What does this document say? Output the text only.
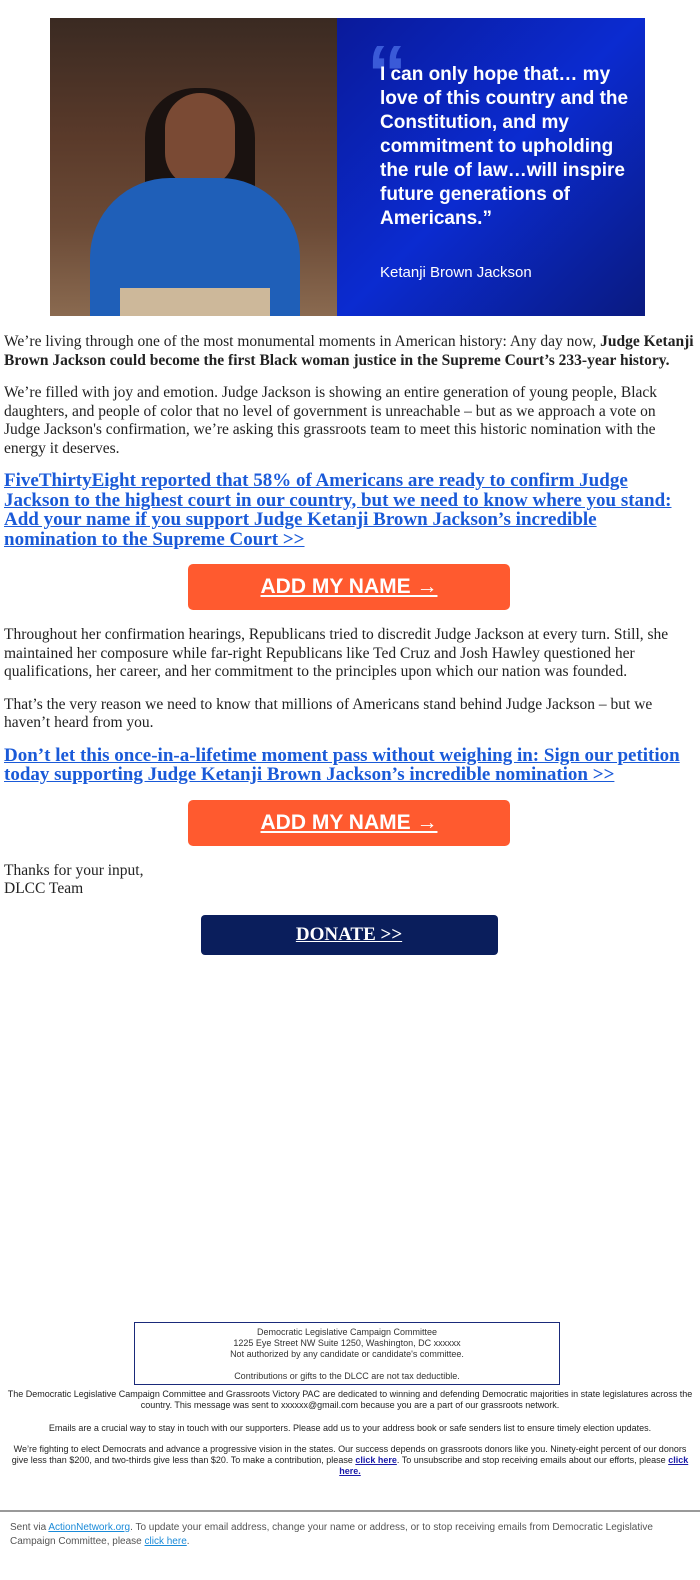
“
I can only hope that… my love of this country and the Constitution, and my commitment to upholding the rule of law…will inspire future generations of Americans.”
Ketanji Brown Jackson

We’re living through one of the most monumental moments in American history: Any day now, Judge Ketanji Brown Jackson could become the first Black woman justice in the Supreme Court’s 233-year history.

We’re filled with joy and emotion. Judge Jackson is showing an entire generation of young people, Black daughters, and people of color that no level of government is unreachable – but as we approach a vote on Judge Jackson's confirmation, we’re asking this grassroots team to meet this historic nomination with the energy it deserves.

FiveThirtyEight reported that 58% of Americans are ready to confirm Judge Jackson to the highest court in our country, but we need to know where you stand: Add your name if you support Judge Ketanji Brown Jackson’s incredible nomination to the Supreme Court >>

ADD MY NAME →

Throughout her confirmation hearings, Republicans tried to discredit Judge Jackson at every turn. Still, she maintained her composure while far-right Republicans like Ted Cruz and Josh Hawley questioned her qualifications, her career, and her commitment to the principles upon which our nation was founded.

That’s the very reason we need to know that millions of Americans stand behind Judge Jackson – but we haven’t heard from you.

Don’t let this once-in-a-lifetime moment pass without weighing in: Sign our petition today supporting Judge Ketanji Brown Jackson’s incredible nomination >>

ADD MY NAME →
Thanks for your input,
DLCC Team
DONATE >>
Democratic Legislative Campaign Committee
1225 Eye Street NW Suite 1250, Washington, DC xxxxxx
Not authorized by any candidate or candidate's committee.
Contributions or gifts to the DLCC are not tax deductible.
The Democratic Legislative Campaign Committee and Grassroots Victory PAC are dedicated to winning and defending Democratic majorities in state legislatures across the country. This message was sent to xxxxxx@gmail.com because you are a part of our grassroots network.
Emails are a crucial way to stay in touch with our supporters. Please add us to your address book or safe senders list to ensure timely election updates.
We’re fighting to elect Democrats and advance a progressive vision in the states. Our success depends on grassroots donors like you. Ninety-eight percent of our donors give less than $200, and two-thirds give less than $20. To make a contribution, please click here. To unsubscribe and stop receiving emails about our efforts, please click here.
Sent via ActionNetwork.org. To update your email address, change your name or address, or to stop receiving emails from Democratic Legislative Campaign Committee, please click here.
